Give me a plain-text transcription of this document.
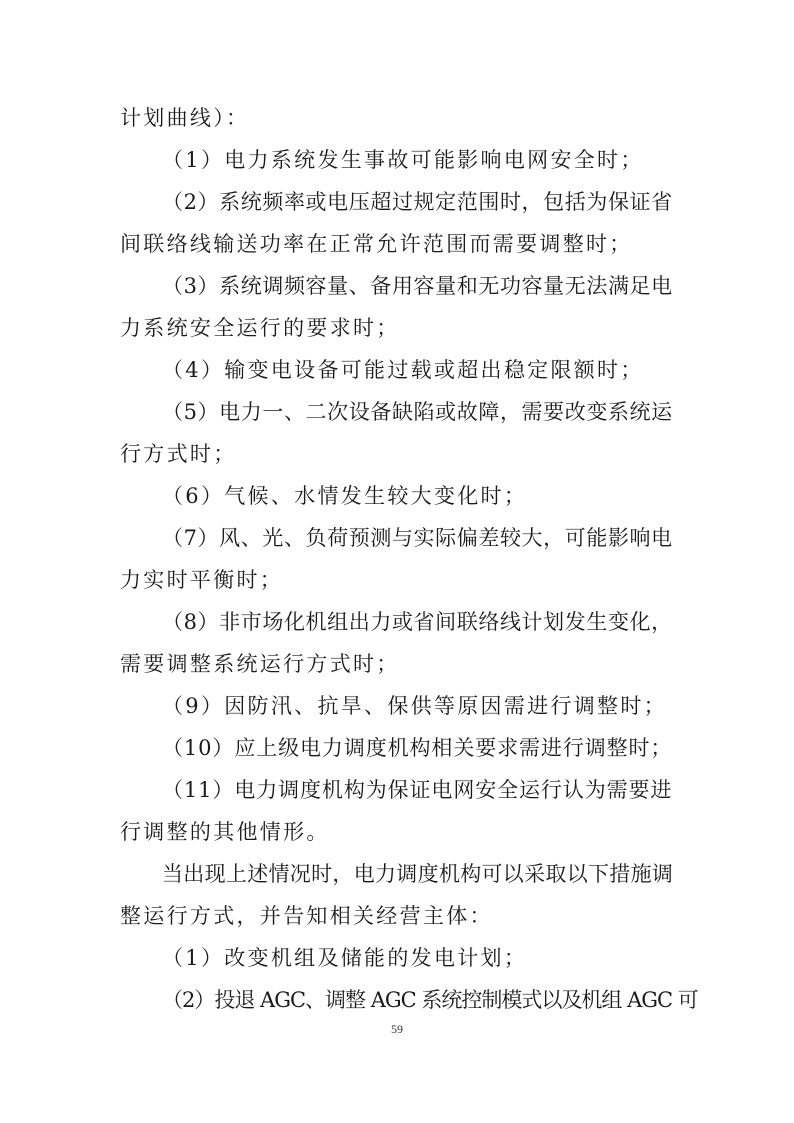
计划曲线）：
（1）电力系统发生事故可能影响电网安全时；
（2）系统频率或电压超过规定范围时，包括为保证省
间联络线输送功率在正常允许范围而需要调整时；
（3）系统调频容量、备用容量和无功容量无法满足电
力系统安全运行的要求时；
（4）输变电设备可能过载或超出稳定限额时；
（5）电力一、二次设备缺陷或故障，需要改变系统运
行方式时；
（6）气候、水情发生较大变化时；
（7）风、光、负荷预测与实际偏差较大，可能影响电
力实时平衡时；
（8）非市场化机组出力或省间联络线计划发生变化，
需要调整系统运行方式时；
（9）因防汛、抗旱、保供等原因需进行调整时；
（10）应上级电力调度机构相关要求需进行调整时；
（11）电力调度机构为保证电网安全运行认为需要进
行调整的其他情形。
当出现上述情况时，电力调度机构可以采取以下措施调
整运行方式，并告知相关经营主体：
（1）改变机组及储能的发电计划；
（2）投退 AGC、调整 AGC 系统控制模式以及机组 AGC 可
59
